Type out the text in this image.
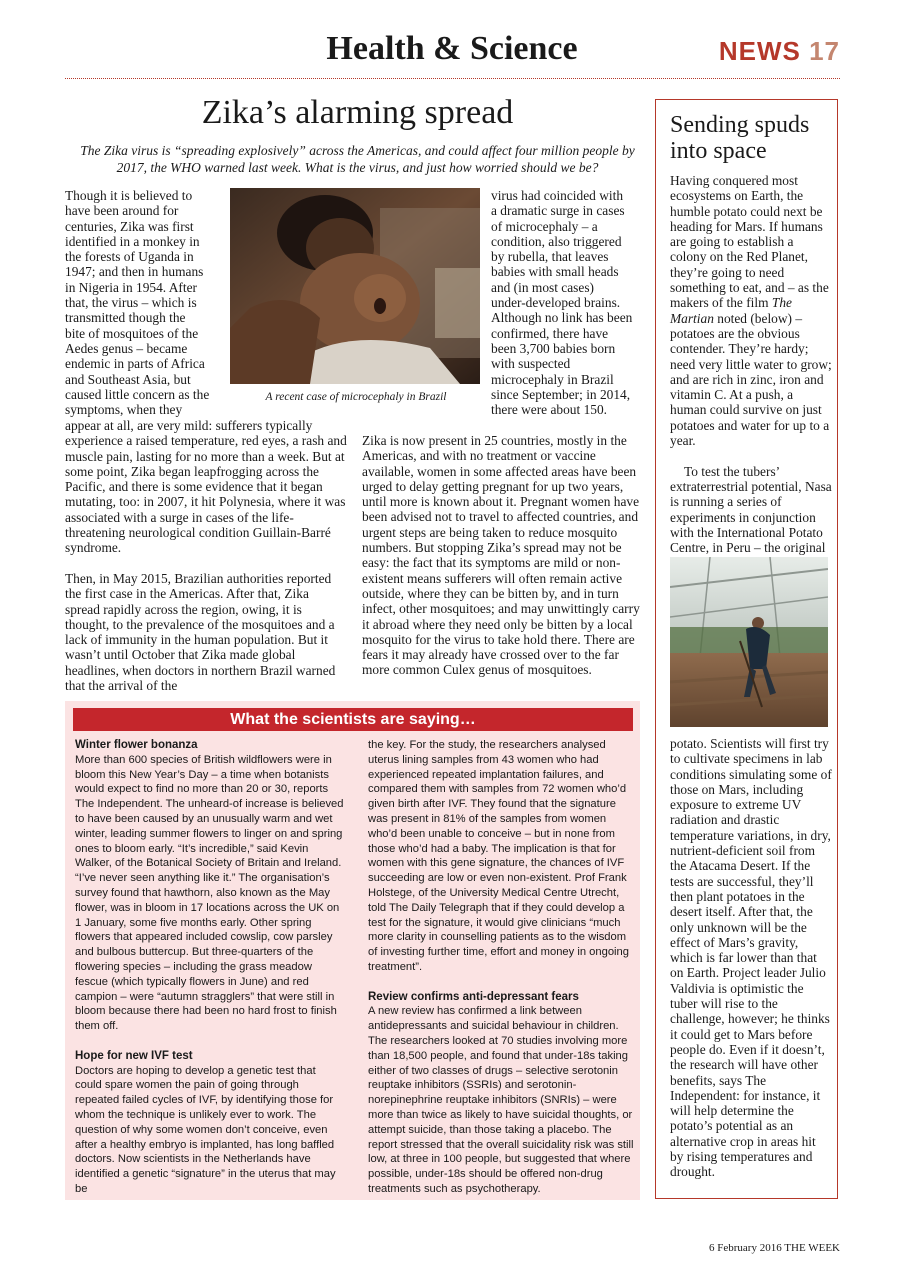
Health & Science	NEWS 17
Zika’s alarming spread
The Zika virus is “spreading explosively” across the Americas, and could affect four million people by 2017, the WHO warned last week. What is the virus, and just how worried should we be?
Though it is believed to
have been around for
centuries, Zika was first
identified in a monkey in
the forests of Uganda in
1947; and then in humans
in Nigeria in 1954. After
that, the virus – which is
transmitted though the
bite of mosquitoes of the
Aedes genus – became
endemic in parts of Africa
and Southeast Asia, but
caused little concern as the
symptoms, when they
A recent case of microcephaly in Brazil
virus had coincided with
a dramatic surge in cases
of microcephaly – a
condition, also triggered
by rubella, that leaves
babies with small heads
and (in most cases)
under-developed brains.
Although no link has been
confirmed, there have
been 3,700 babies born
with suspected
microcephaly in Brazil
since September; in 2014,
there were about 150.

appear at all, are very mild: sufferers typically experience a raised temperature, red eyes, a rash and muscle pain, lasting for no more than a week. But at some point, Zika began leapfrogging across the Pacific, and there is some evidence that it began mutating, too: in 2007, it hit Polynesia, where it was associated with a surge in cases of the life-threatening neurological condition Guillain-Barré syndrome.

Then, in May 2015, Brazilian authorities reported the first case in the Americas. After that, Zika spread rapidly across the region, owing, it is thought, to the prevalence of the mosquitoes and a lack of immunity in the human population. But it wasn’t until October that Zika made global headlines, when doctors in northern Brazil warned that the arrival of the

Zika is now present in 25 countries, mostly in the Americas, and with no treatment or vaccine available, women in some affected areas have been urged to delay getting pregnant for up two years, until more is known about it. Pregnant women have been advised not to travel to affected countries, and urgent steps are being taken to reduce mosquito numbers. But stopping Zika’s spread may not be easy: the fact that its symptoms are mild or non-existent means sufferers will often remain active outside, where they can be bitten by, and in turn infect, other mosquitoes; and may unwittingly carry it abroad where they need only be bitten by a local mosquito for the virus to take hold there. There are fears it may already have crossed over to the far more common Culex genus of mosquitoes.

Sending spuds into space

Having conquered most ecosystems on Earth, the humble potato could next be heading for Mars. If humans are going to establish a colony on the Red Planet, they’re going to need something to eat, and – as the makers of the film The Martian noted (below) – potatoes are the obvious contender. They’re hardy; need very little water to grow; and are rich in zinc, iron and vitamin C. At a push, a human could survive on just potatoes and water for up to a year.

To test the tubers’ extraterrestrial potential, Nasa is running a series of experiments in conjunction with the International Potato Centre, in Peru – the original

potato. Scientists will first try to cultivate specimens in lab conditions simulating some of those on Mars, including exposure to extreme UV radiation and drastic temperature variations, in dry, nutrient-deficient soil from the Atacama Desert. If the tests are successful, they’ll then plant potatoes in the desert itself. After that, the only unknown will be the effect of Mars’s gravity, which is far lower than that on Earth. Project leader Julio Valdivia is optimistic the tuber will rise to the challenge, however; he thinks it could get to Mars before people do. Even if it doesn’t, the research will have other benefits, says The Independent: for instance, it will help determine the potato’s potential as an alternative crop in areas hit by rising temperatures and drought.

What the scientists are saying…
Winter flower bonanza

More than 600 species of British wildflowers were in bloom this New Year’s Day – a time when botanists would expect to find no more than 20 or 30, reports The Independent. The unheard-of increase is believed to have been caused by an unusually warm and wet winter, leading summer flowers to linger on and spring ones to bloom early. “It’s incredible,” said Kevin Walker, of the Botanical Society of Britain and Ireland. “I’ve never seen anything like it.” The organisation’s survey found that hawthorn, also known as the May flower, was in bloom in 17 locations across the UK on 1 January, some five months early. Other spring flowers that appeared included cowslip, cow parsley and bulbous buttercup. But three-quarters of the flowering species – including the grass meadow fescue (which typically flowers in June) and red campion – were “autumn stragglers” that were still in bloom because there had been no hard frost to finish them off.

Hope for new IVF test

Doctors are hoping to develop a genetic test that could spare women the pain of going through repeated failed cycles of IVF, by identifying those for whom the technique is unlikely ever to work. The question of why some women don’t conceive, even after a healthy embryo is implanted, has long baffled doctors. Now scientists in the Netherlands have identified a genetic “signature” in the uterus that may be

the key. For the study, the researchers analysed uterus lining samples from 43 women who had experienced repeated implantation failures, and compared them with samples from 72 women who’d given birth after IVF. They found that the signature was present in 81% of the samples from women who’d been unable to conceive – but in none from those who’d had a baby. The implication is that for women with this gene signature, the chances of IVF succeeding are low or even non-existent. Prof Frank Holstege, of the University Medical Centre Utrecht, told The Daily Telegraph that if they could develop a test for the signature, it would give clinicians “much more clarity in counselling patients as to the wisdom of investing further time, effort and money in ongoing treatment”.

Review confirms anti-depressant fears

A new review has confirmed a link between antidepressants and suicidal behaviour in children. The researchers looked at 70 studies involving more than 18,500 people, and found that under-18s taking either of two classes of drugs – selective serotonin reuptake inhibitors (SSRIs) and serotonin-norepinephrine reuptake inhibitors (SNRIs) – were more than twice as likely to have suicidal thoughts, or attempt suicide, than those taking a placebo. The report stressed that the overall suicidality risk was still low, at three in 100 people, but suggested that where possible, under-18s should be offered non-drug treatments such as psychotherapy.

6 February 2016 THE WEEK
